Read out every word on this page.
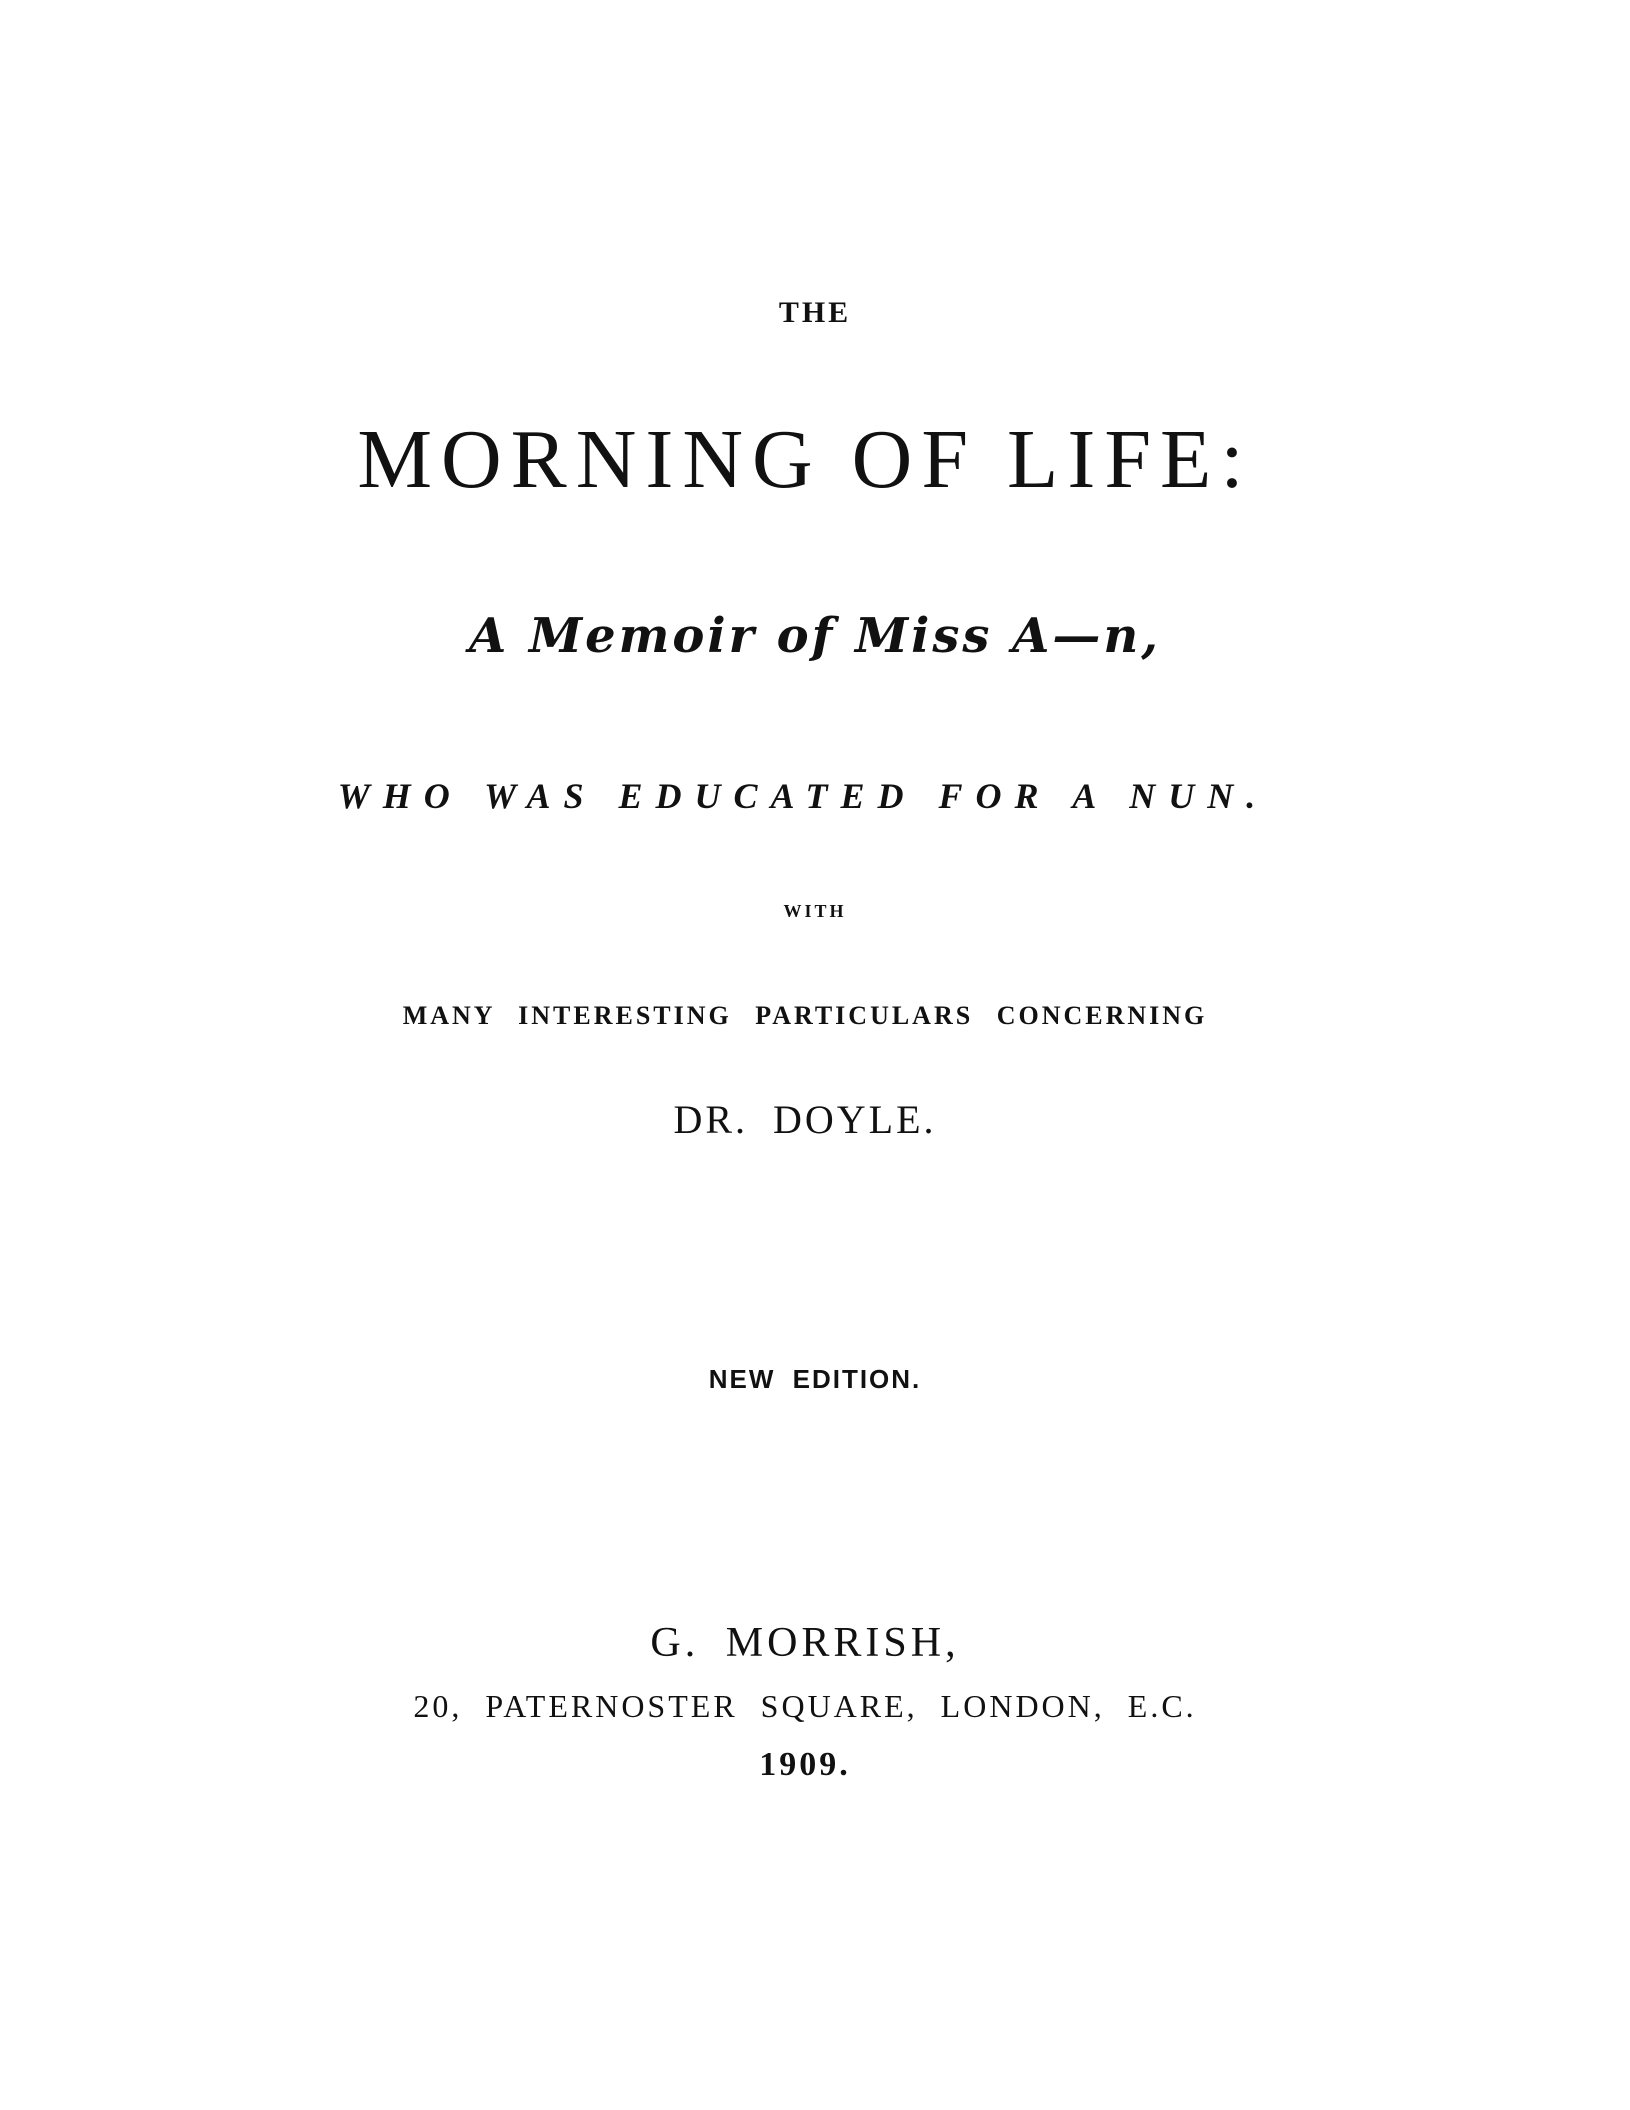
THE

MORNING OF LIFE:

A Memoir of Miss A—n,

WHO WAS EDUCATED FOR A NUN.

WITH

MANY INTERESTING PARTICULARS CONCERNING

DR. DOYLE.

NEW EDITION.

G. MORRISH,

20, PATERNOSTER SQUARE, LONDON, E.C.

1909.
